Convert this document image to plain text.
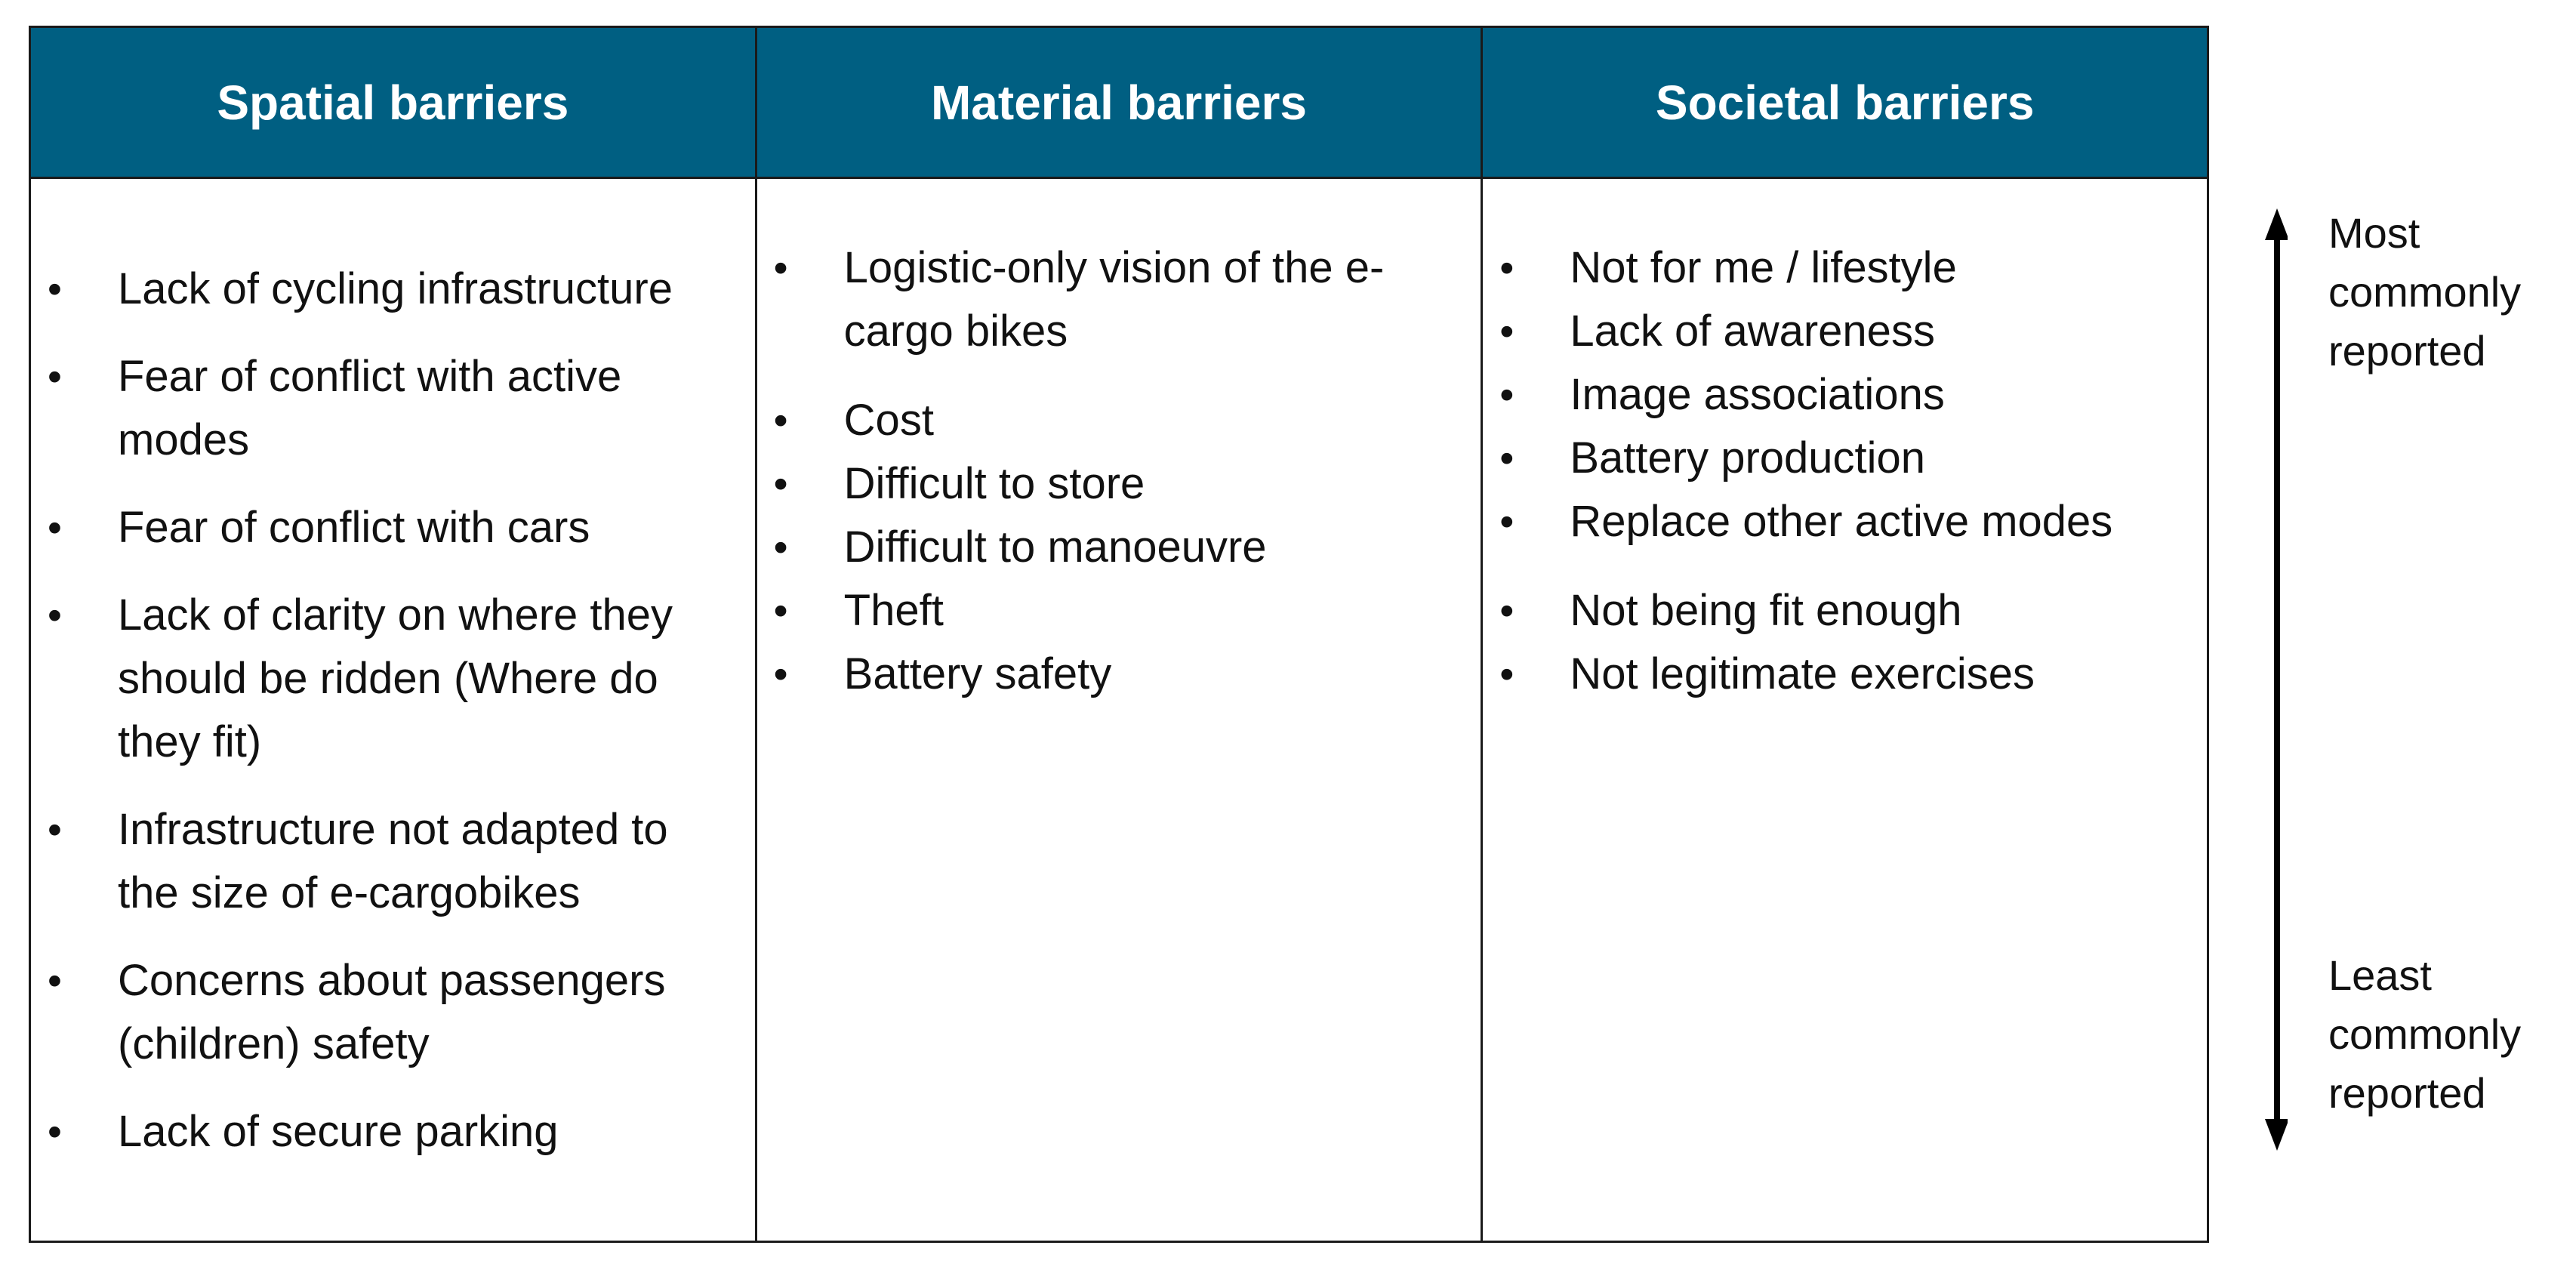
Spatial barriers
• Lack of cycling infrastructure
• Fear of conflict with active modes
• Fear of conflict with cars
• Lack of clarity on where they should be ridden (Where do they fit)
• Infrastructure not adapted to the size of e-cargobikes
• Concerns about passengers (children) safety
• Lack of secure parking
Material barriers
• Logistic-only vision of the e-cargo bikes
• Cost
• Difficult to store
• Difficult to manoeuvre
• Theft
• Battery safety
Societal barriers
• Not for me / lifestyle
• Lack of awareness
• Image associations
• Battery production
• Replace other active modes
• Not being fit enough
• Not legitimate exercises
Most commonly reported
Least commonly reported
